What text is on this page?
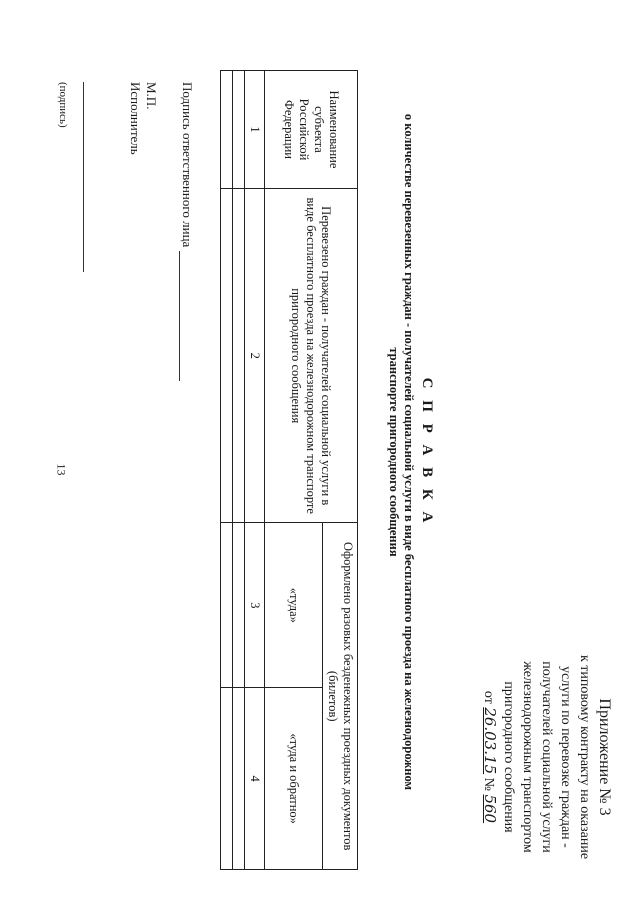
13
Приложение № 3
к типовому контракту на оказание
услуги по перевозке граждан -
получателей социальной услуги
железнодорожным транспортом
пригородного сообщения
от 26.03.15 № 560
С П Р А В К А
о количестве перевезенных граждан - получателей социальной услуги в виде бесплатного проезда на железнодорожном
транспорте пригородного сообщения
Наименование субъекта Российской Федерации	Перевезено граждан - получателей социальной услуги в виде бесплатного проезда на железнодорожном транспорте пригородного сообщения	Оформлено разовых безденежных проездных документов (билетов)	
		«туда»	«туда и обратно»
1	2	3	4

Подпись ответственного лица
М.П.
Исполнитель
(подпись)
